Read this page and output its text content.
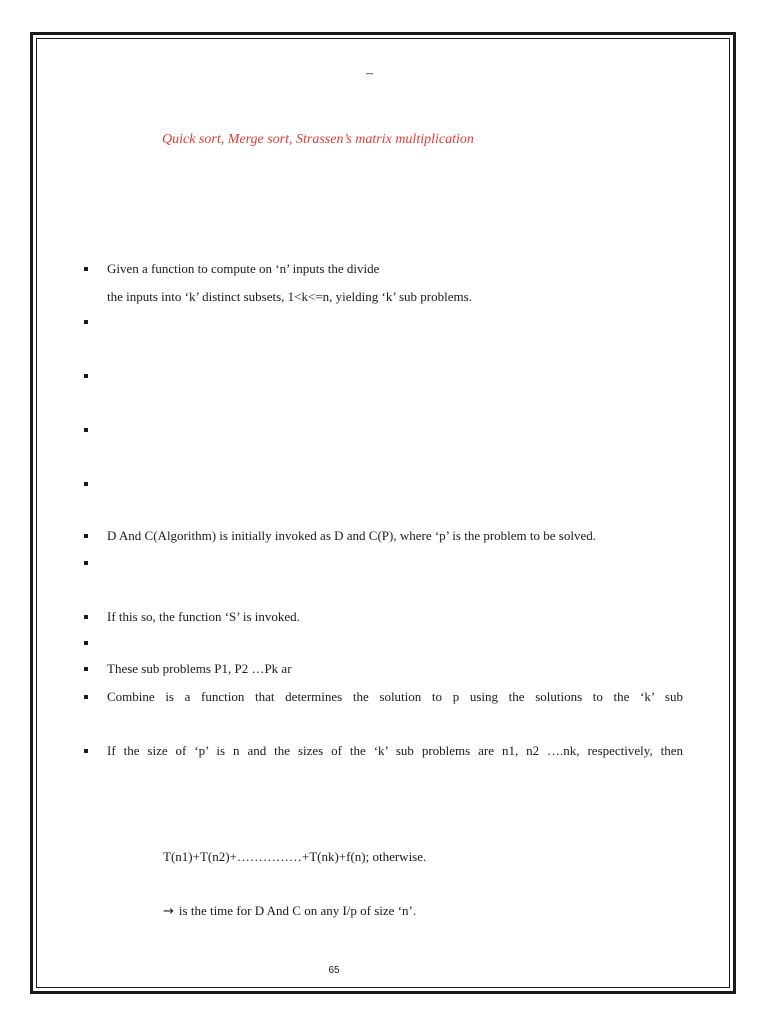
–
Quick sort, Merge sort, Strassen’s matrix multiplication
Given a function to compute on ‘n’ inputs the divide
D And C(Algorithm) is initially invoked as D and C(P), where ‘p’ is the problem to be solved.
If this so, the function ‘S’ is invoked.
These sub problems P1, P2 …Pk ar
Combine is a function that determines the solution to p using the solutions to the ‘k’ sub
If the size of ‘p’ is n and the sizes of the ‘k’ sub problems are n1, n2 ….nk, respectively, then
the inputs into ‘k’ distinct subsets, 1<k<=n, yielding ‘k’ sub problems.
T(n1)+T(n2)+……………+T(nk)+f(n); otherwise.
→ is the time for D And C on any I/p of size ‘n’.
65
